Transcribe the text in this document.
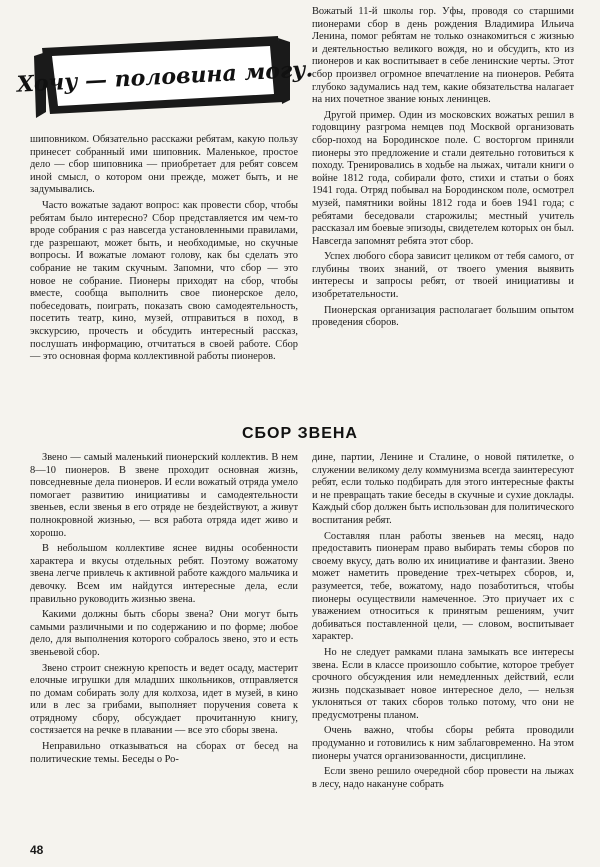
Хочу — половина могу.

шиповником. Обязательно расскажи ребятам, какую пользу принесет собранный ими шиповник. Маленькое, простое дело — сбор шиповника — приобретает для ребят совсем иной смысл, о котором они прежде, может быть, и не задумывались.

Часто вожатые задают вопрос: как провести сбор, чтобы ребятам было интересно? Сбор представляется им чем-то вроде собрания с раз навсегда установленными правилами, где разрешают, может быть, и необходимые, но скучные вопросы. И вожатые ломают голову, как бы сделать это собрание не таким скучным. Запомни, что сбор — это новое не собрание. Пионеры приходят на сбор, чтобы вместе, сообща выполнить свое пионерское дело, побеседовать, поиграть, показать свою самодеятельность, посетить театр, кино, музей, отправиться в поход, в экскурсию, прочесть и обсудить интересный рассказ, послушать информацию, отчитаться в своей работе. Сбор — это основная форма коллективной работы пионеров.

Вожатый 11-й школы гор. Уфы, проводя со старшими пионерами сбор в день рождения Владимира Ильича Ленина, помог ребятам не только ознакомиться с жизнью и деятельностью великого вождя, но и обсудить, кто из пионеров и как воспитывает в себе ленинские черты. Этот сбор произвел огромное впечатление на пионеров. Ребята глубоко задумались над тем, какие обязательства налагает на них почетное звание юных ленинцев.

Другой пример. Один из московских вожатых решил в годовщину разгрома немцев под Москвой организовать сбор-поход на Бородинское поле. С восторгом приняли пионеры это предложение и стали деятельно готовиться к походу. Тренировались в ходьбе на лыжах, читали книги о войне 1812 года, собирали фото, стихи и статьи о боях 1941 года. Отряд побывал на Бородинском поле, осмотрел музей, памятники войны 1812 года и боев 1941 года; с ребятами беседовали старожилы; местный учитель рассказал им боевые эпизоды, свидетелем которых он был. Навсегда запомнят ребята этот сбор.

Успех любого сбора зависит целиком от тебя самого, от глубины твоих знаний, от твоего умения выявить интересы и запросы ребят, от твоей инициативы и изобретательности.

Пионерская организация располагает большим опытом проведения сборов.

СБОР ЗВЕНА

Звено — самый маленький пионерский коллектив. В нем 8—10 пионеров. В звене проходит основная жизнь, повседневные дела пионеров. И если вожатый отряда умело помогает развитию инициативы и самодеятельности звеньев, если звенья в его отряде не бездействуют, а живут полнокровной жизнью, — вся работа отряда идет живо и хорошо.

В небольшом коллективе яснее видны особенности характера и вкусы отдельных ребят. Поэтому вожатому звена легче привлечь к активной работе каждого мальчика и девочку. Всем им найдутся интересные дела, если правильно руководить жизнью звена.

Какими должны быть сборы звена? Они могут быть самыми различными и по содержанию и по форме; любое дело, для выполнения которого собралось звено, это и есть звеньевой сбор.

Звено строит снежную крепость и ведет осаду, мастерит елочные игрушки для младших школьников, отправляется по домам собирать золу для колхоза, идет в музей, в кино или в лес за грибами, выполняет поручения совета к отрядному сбору, обсуждает прочитанную книгу, состязается на речке в плавании — все это сборы звена.

Неправильно отказываться на сборах от бесед на политические темы. Беседы о Ро-

дине, партии, Ленине и Сталине, о новой пятилетке, о служении великому делу коммунизма всегда заинтересуют ребят, если только подбирать для этого интересные факты и не превращать такие беседы в скучные и сухие доклады. Каждый сбор должен быть использован для политического воспитания ребят.

Составляя план работы звеньев на месяц, надо предоставить пионерам право выбирать темы сборов по своему вкусу, дать волю их инициативе и фантазии. Звено может наметить проведение трех-четырех сборов, и, разумеется, тебе, вожатому, надо позаботиться, чтобы пионеры осуществили намеченное. Это приучает их с уважением относиться к принятым решениям, учит добиваться поставленной цели, — словом, воспитывает характер.

Но не следует рамками плана замыкать все интересы звена. Если в классе произошло событие, которое требует срочного обсуждения или немедленных действий, если жизнь подсказывает новое интересное дело, — нельзя уклоняться от таких сборов только потому, что они не предусмотрены планом.

Очень важно, чтобы сборы ребята проводили продуманно и готовились к ним заблаговременно. На этом пионеры учатся организованности, дисциплине.

Если звено решило очередной сбор провести на лыжах в лесу, надо накануне собрать

48
